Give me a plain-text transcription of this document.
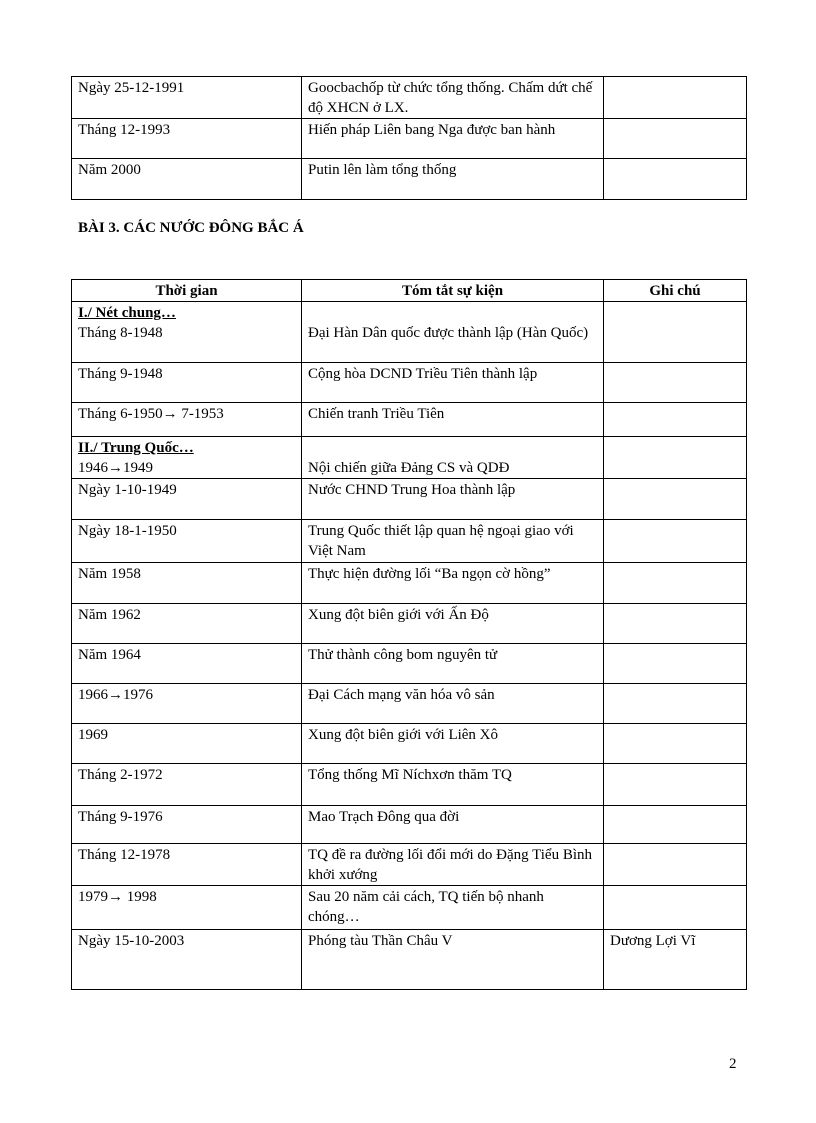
Ngày 25-12-1991	Goocbachốp từ chức tổng thống. Chấm dứt chế độ XHCN ở LX.	
Tháng 12-1993	Hiến pháp Liên bang Nga được ban hành	
Năm 2000	Putin lên làm tổng thống	
BÀI 3. CÁC NƯỚC ĐÔNG BẮC Á
Thời gian	Tóm tắt sự kiện	Ghi chú

I./ Nét chung…
Tháng 8-1948	Đại Hàn Dân quốc được thành lập (Hàn Quốc)	
Tháng 9-1948	Cộng hòa DCND Triều Tiên thành lập	
Tháng 6-1950→ 7-1953	Chiến tranh Triều Tiên	

II./ Trung Quốc…
1946→1949	Nội chiến giữa Đảng CS và QDĐ	
Ngày 1-10-1949	Nước CHND Trung Hoa thành lập	
Ngày 18-1-1950	Trung Quốc thiết lập quan hệ ngoại giao với Việt Nam	
Năm 1958	Thực hiện đường lối “Ba ngọn cờ hồng”	
Năm 1962	Xung đột biên giới với Ấn Độ	
Năm 1964	Thử thành công bom nguyên tử	
1966→1976	Đại Cách mạng văn hóa vô sản	
1969	Xung đột biên giới với Liên Xô	
Tháng 2-1972	Tổng thống Mĩ Níchxơn thăm TQ	
Tháng 9-1976	Mao Trạch Đông qua đời	
Tháng 12-1978	TQ đề ra đường lối đổi mới do Đặng Tiểu Bình khởi xướng	
1979→ 1998	Sau 20 năm cải cách, TQ tiến bộ nhanh chóng…	
Ngày 15-10-2003	Phóng tàu Thần Châu V	Dương Lợi Vĩ
2
